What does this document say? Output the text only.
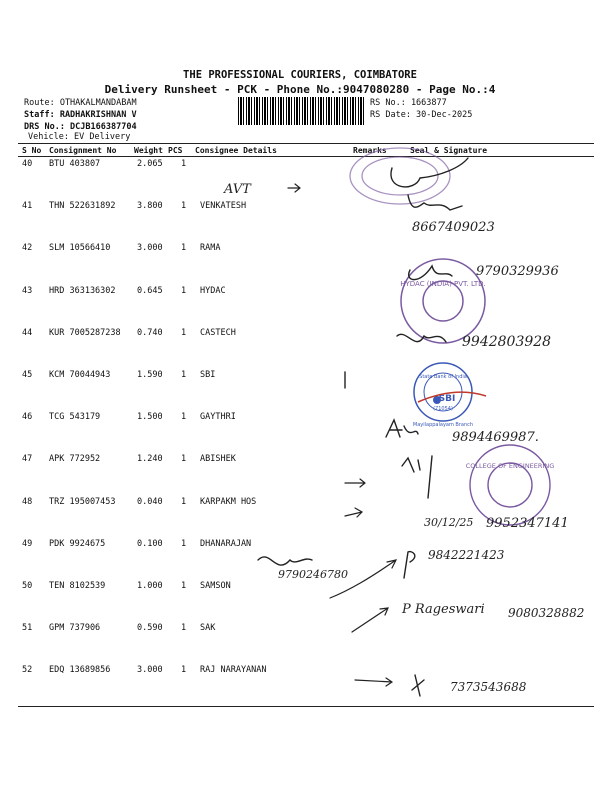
THE PROFESSIONAL COURIERS, COIMBATORE
Delivery Runsheet - PCK - Phone No.:9047080280 - Page No.:4
Route: OTHAKALMANDABAM
Staff: RADHAKRISHNAN V
DRS No.: DCJB166387704
Vehicle: EV Delivery
RS No.: 1663877
RS Date: 30-Dec-2025
S No Consignment No Weight PCS Consignee Details	Remarks	Seal & Signature
40 BTU 403807	2.065 1
41 THN 522631892	3.800 1 VENKATESH
42 SLM 10566410	3.000 1 RAMA
43 HRD 363136302	0.645 1 HYDAC
44 KUR 7005287238 0.740 1 CASTECH
45 KCM 70044943	1.590 1 SBI
46 TCG 543179	1.500 1 GAYTHRI
47 APK 772952	1.240 1 ABISHEK
48 TRZ 195007453	0.040 1 KARPAKM HOS
49 PDK 9924675	0.100 1 DHANARAJAN
50 TEN 8102539	1.000 1 SAMSON
51 GPM 737906	0.590 1 SAK
52 EDQ 13689856	3.000 1 RAJ NARAYANAN
HYDAC (INDIA) PVT. LTD.
State Bank of India
SBI
(71054)
Mayilappalayam Branch
COLLEGE OF ENGINEERING
AVT
8667409023
9790329936
9942803928
9894469987.
30/12/25 9952347141
9790246780
9842221423
P Rageswari 9080328882
7373543688
